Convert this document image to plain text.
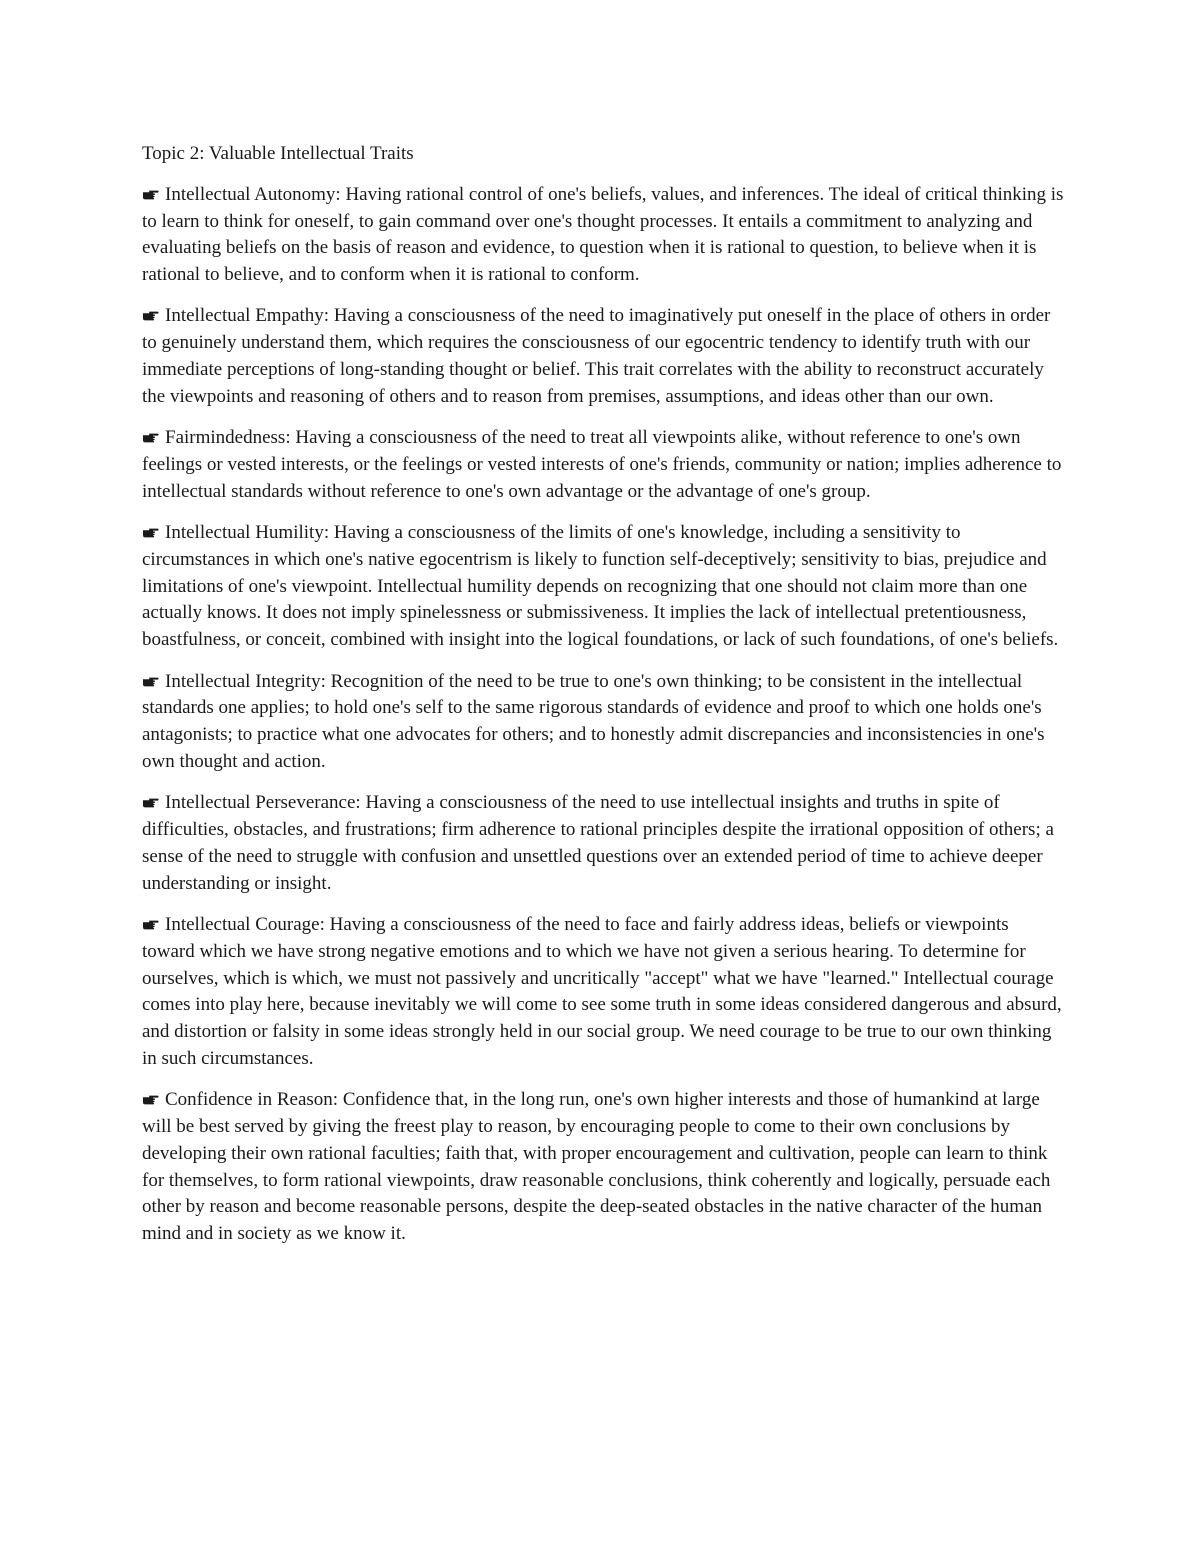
Topic 2: Valuable Intellectual Traits

Intellectual Autonomy: Having rational control of one's beliefs, values, and inferences. The ideal of critical thinking is to learn to think for oneself, to gain command over one's thought processes. It entails a commitment to analyzing and evaluating beliefs on the basis of reason and evidence, to question when it is rational to question, to believe when it is rational to believe, and to conform when it is rational to conform.

Intellectual Empathy: Having a consciousness of the need to imaginatively put oneself in the place of others in order to genuinely understand them, which requires the consciousness of our egocentric tendency to identify truth with our immediate perceptions of long-standing thought or belief. This trait correlates with the ability to reconstruct accurately the viewpoints and reasoning of others and to reason from premises, assumptions, and ideas other than our own.

Fairmindedness: Having a consciousness of the need to treat all viewpoints alike, without reference to one's own feelings or vested interests, or the feelings or vested interests of one's friends, community or nation; implies adherence to intellectual standards without reference to one's own advantage or the advantage of one's group.

Intellectual Humility: Having a consciousness of the limits of one's knowledge, including a sensitivity to circumstances in which one's native egocentrism is likely to function self-deceptively; sensitivity to bias, prejudice and limitations of one's viewpoint. Intellectual humility depends on recognizing that one should not claim more than one actually knows. It does not imply spinelessness or submissiveness. It implies the lack of intellectual pretentiousness, boastfulness, or conceit, combined with insight into the logical foundations, or lack of such foundations, of one's beliefs.

Intellectual Integrity: Recognition of the need to be true to one's own thinking; to be consistent in the intellectual standards one applies; to hold one's self to the same rigorous standards of evidence and proof to which one holds one's antagonists; to practice what one advocates for others; and to honestly admit discrepancies and inconsistencies in one's own thought and action.

Intellectual Perseverance: Having a consciousness of the need to use intellectual insights and truths in spite of difficulties, obstacles, and frustrations; firm adherence to rational principles despite the irrational opposition of others; a sense of the need to struggle with confusion and unsettled questions over an extended period of time to achieve deeper understanding or insight.

Intellectual Courage: Having a consciousness of the need to face and fairly address ideas, beliefs or viewpoints toward which we have strong negative emotions and to which we have not given a serious hearing. To determine for ourselves, which is which, we must not passively and uncritically "accept" what we have "learned." Intellectual courage comes into play here, because inevitably we will come to see some truth in some ideas considered dangerous and absurd, and distortion or falsity in some ideas strongly held in our social group. We need courage to be true to our own thinking in such circumstances.

Confidence in Reason: Confidence that, in the long run, one's own higher interests and those of humankind at large will be best served by giving the freest play to reason, by encouraging people to come to their own conclusions by developing their own rational faculties; faith that, with proper encouragement and cultivation, people can learn to think for themselves, to form rational viewpoints, draw reasonable conclusions, think coherently and logically, persuade each other by reason and become reasonable persons, despite the deep-seated obstacles in the native character of the human mind and in society as we know it.
